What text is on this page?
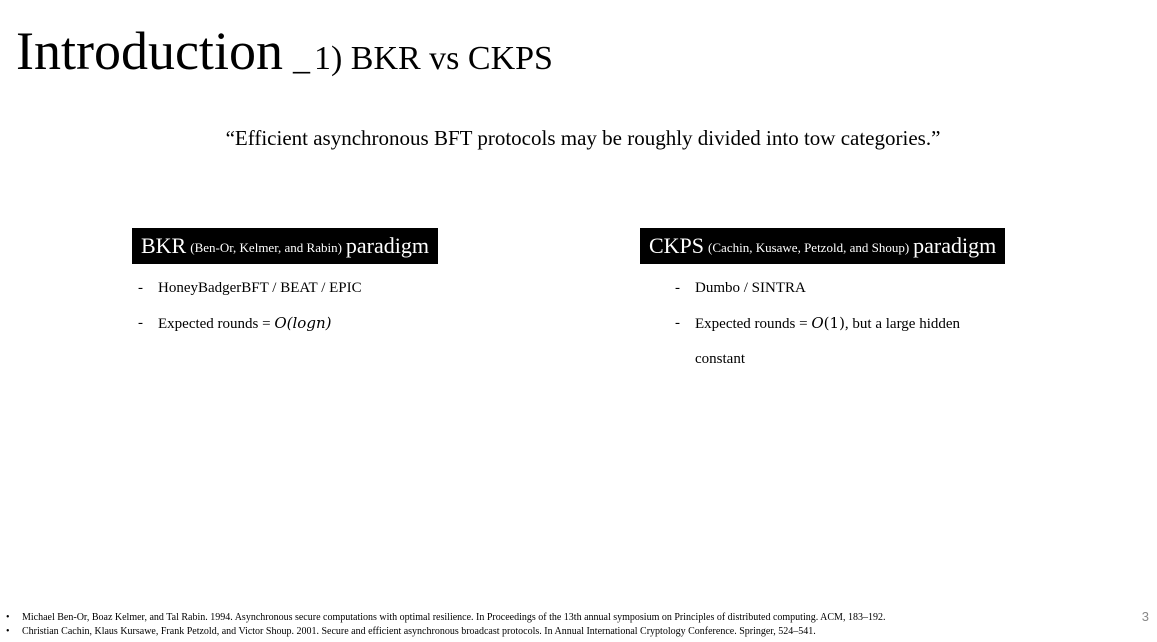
Introduction _ 1) BKR vs CKPS
“Efficient asynchronous BFT protocols may be roughly divided into tow categories.”
BKR (Ben-Or, Kelmer, and Rabin) paradigm
- HoneyBadgerBFT / BEAT / EPIC
- Expected rounds = O(logn)
CKPS (Cachin, Kusawe, Petzold, and Shoup) paradigm
- Dumbo / SINTRA
- Expected rounds = O(1), but a large hidden constant
• Michael Ben-Or, Boaz Kelmer, and Tal Rabin. 1994. Asynchronous secure computations with optimal resilience. In Proceedings of the 13th annual symposium on Principles of distributed computing. ACM, 183–192.
• Christian Cachin, Klaus Kursawe, Frank Petzold, and Victor Shoup. 2001. Secure and efficient asynchronous broadcast protocols. In Annual International Cryptology Conference. Springer, 524–541.
3
